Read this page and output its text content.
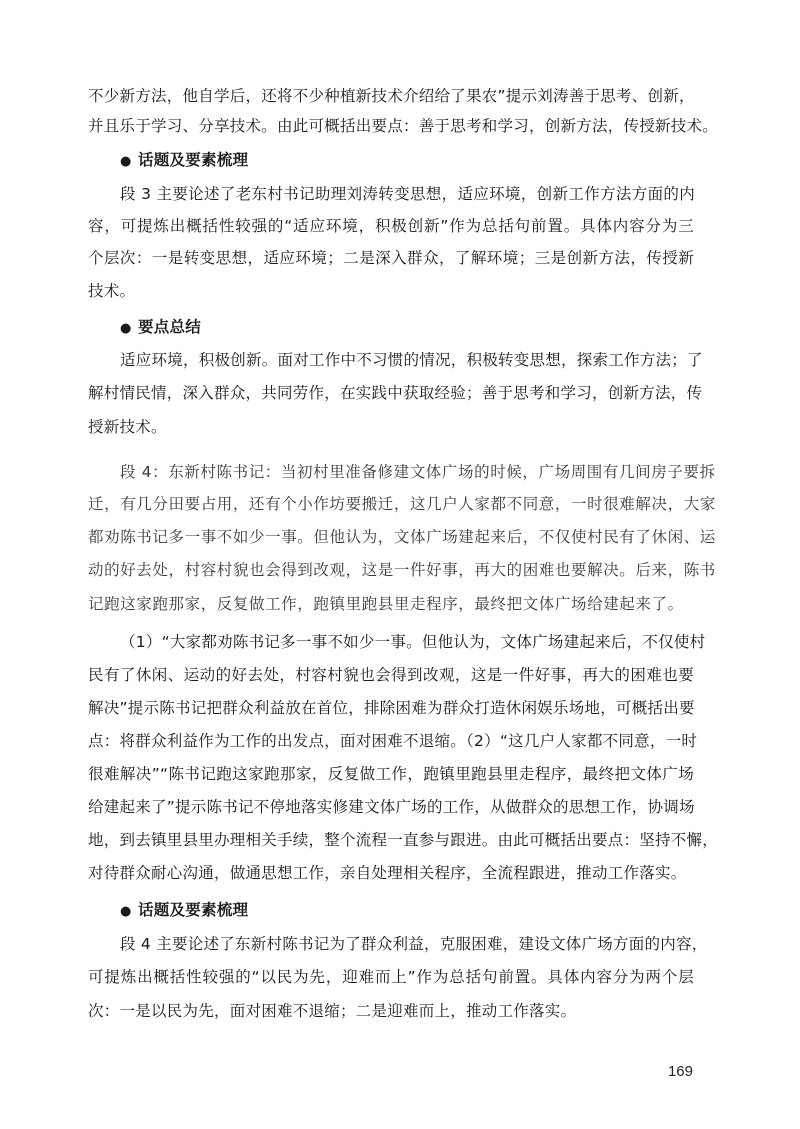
不少新方法，他自学后，还将不少种植新技术介绍给了果农”提示刘涛善于思考、创新，
并且乐于学习、分享技术。由此可概括出要点：善于思考和学习，创新方法，传授新技术。
● 话题及要素梳理
段 3 主要论述了老东村书记助理刘涛转变思想，适应环境，创新工作方法方面的内
容，可提炼出概括性较强的“适应环境，积极创新”作为总括句前置。具体内容分为三
个层次：一是转变思想，适应环境；二是深入群众，了解环境；三是创新方法，传授新
技术。
● 要点总结
适应环境，积极创新。面对工作中不习惯的情况，积极转变思想，探索工作方法；了
解村情民情，深入群众，共同劳作，在实践中获取经验；善于思考和学习，创新方法，传
授新技术。
段 4：东新村陈书记：当初村里准备修建文体广场的时候，广场周围有几间房子要拆
迁，有几分田要占用，还有个小作坊要搬迁，这几户人家都不同意，一时很难解决，大家
都劝陈书记多一事不如少一事。但他认为，文体广场建起来后，不仅使村民有了休闲、运
动的好去处，村容村貌也会得到改观，这是一件好事，再大的困难也要解决。后来，陈书
记跑这家跑那家，反复做工作，跑镇里跑县里走程序，最终把文体广场给建起来了。
（1）“大家都劝陈书记多一事不如少一事。但他认为，文体广场建起来后，不仅使村
民有了休闲、运动的好去处，村容村貌也会得到改观，这是一件好事，再大的困难也要
解决”提示陈书记把群众利益放在首位，排除困难为群众打造休闲娱乐场地，可概括出要
点：将群众利益作为工作的出发点，面对困难不退缩。（2）“这几户人家都不同意，一时
很难解决”“陈书记跑这家跑那家，反复做工作，跑镇里跑县里走程序，最终把文体广场
给建起来了”提示陈书记不停地落实修建文体广场的工作，从做群众的思想工作，协调场
地，到去镇里县里办理相关手续，整个流程一直参与跟进。由此可概括出要点：坚持不懈，
对待群众耐心沟通，做通思想工作，亲自处理相关程序，全流程跟进，推动工作落实。
● 话题及要素梳理
段 4 主要论述了东新村陈书记为了群众利益，克服困难，建设文体广场方面的内容，
可提炼出概括性较强的“以民为先，迎难而上”作为总括句前置。具体内容分为两个层
次：一是以民为先，面对困难不退缩；二是迎难而上，推动工作落实。
169
